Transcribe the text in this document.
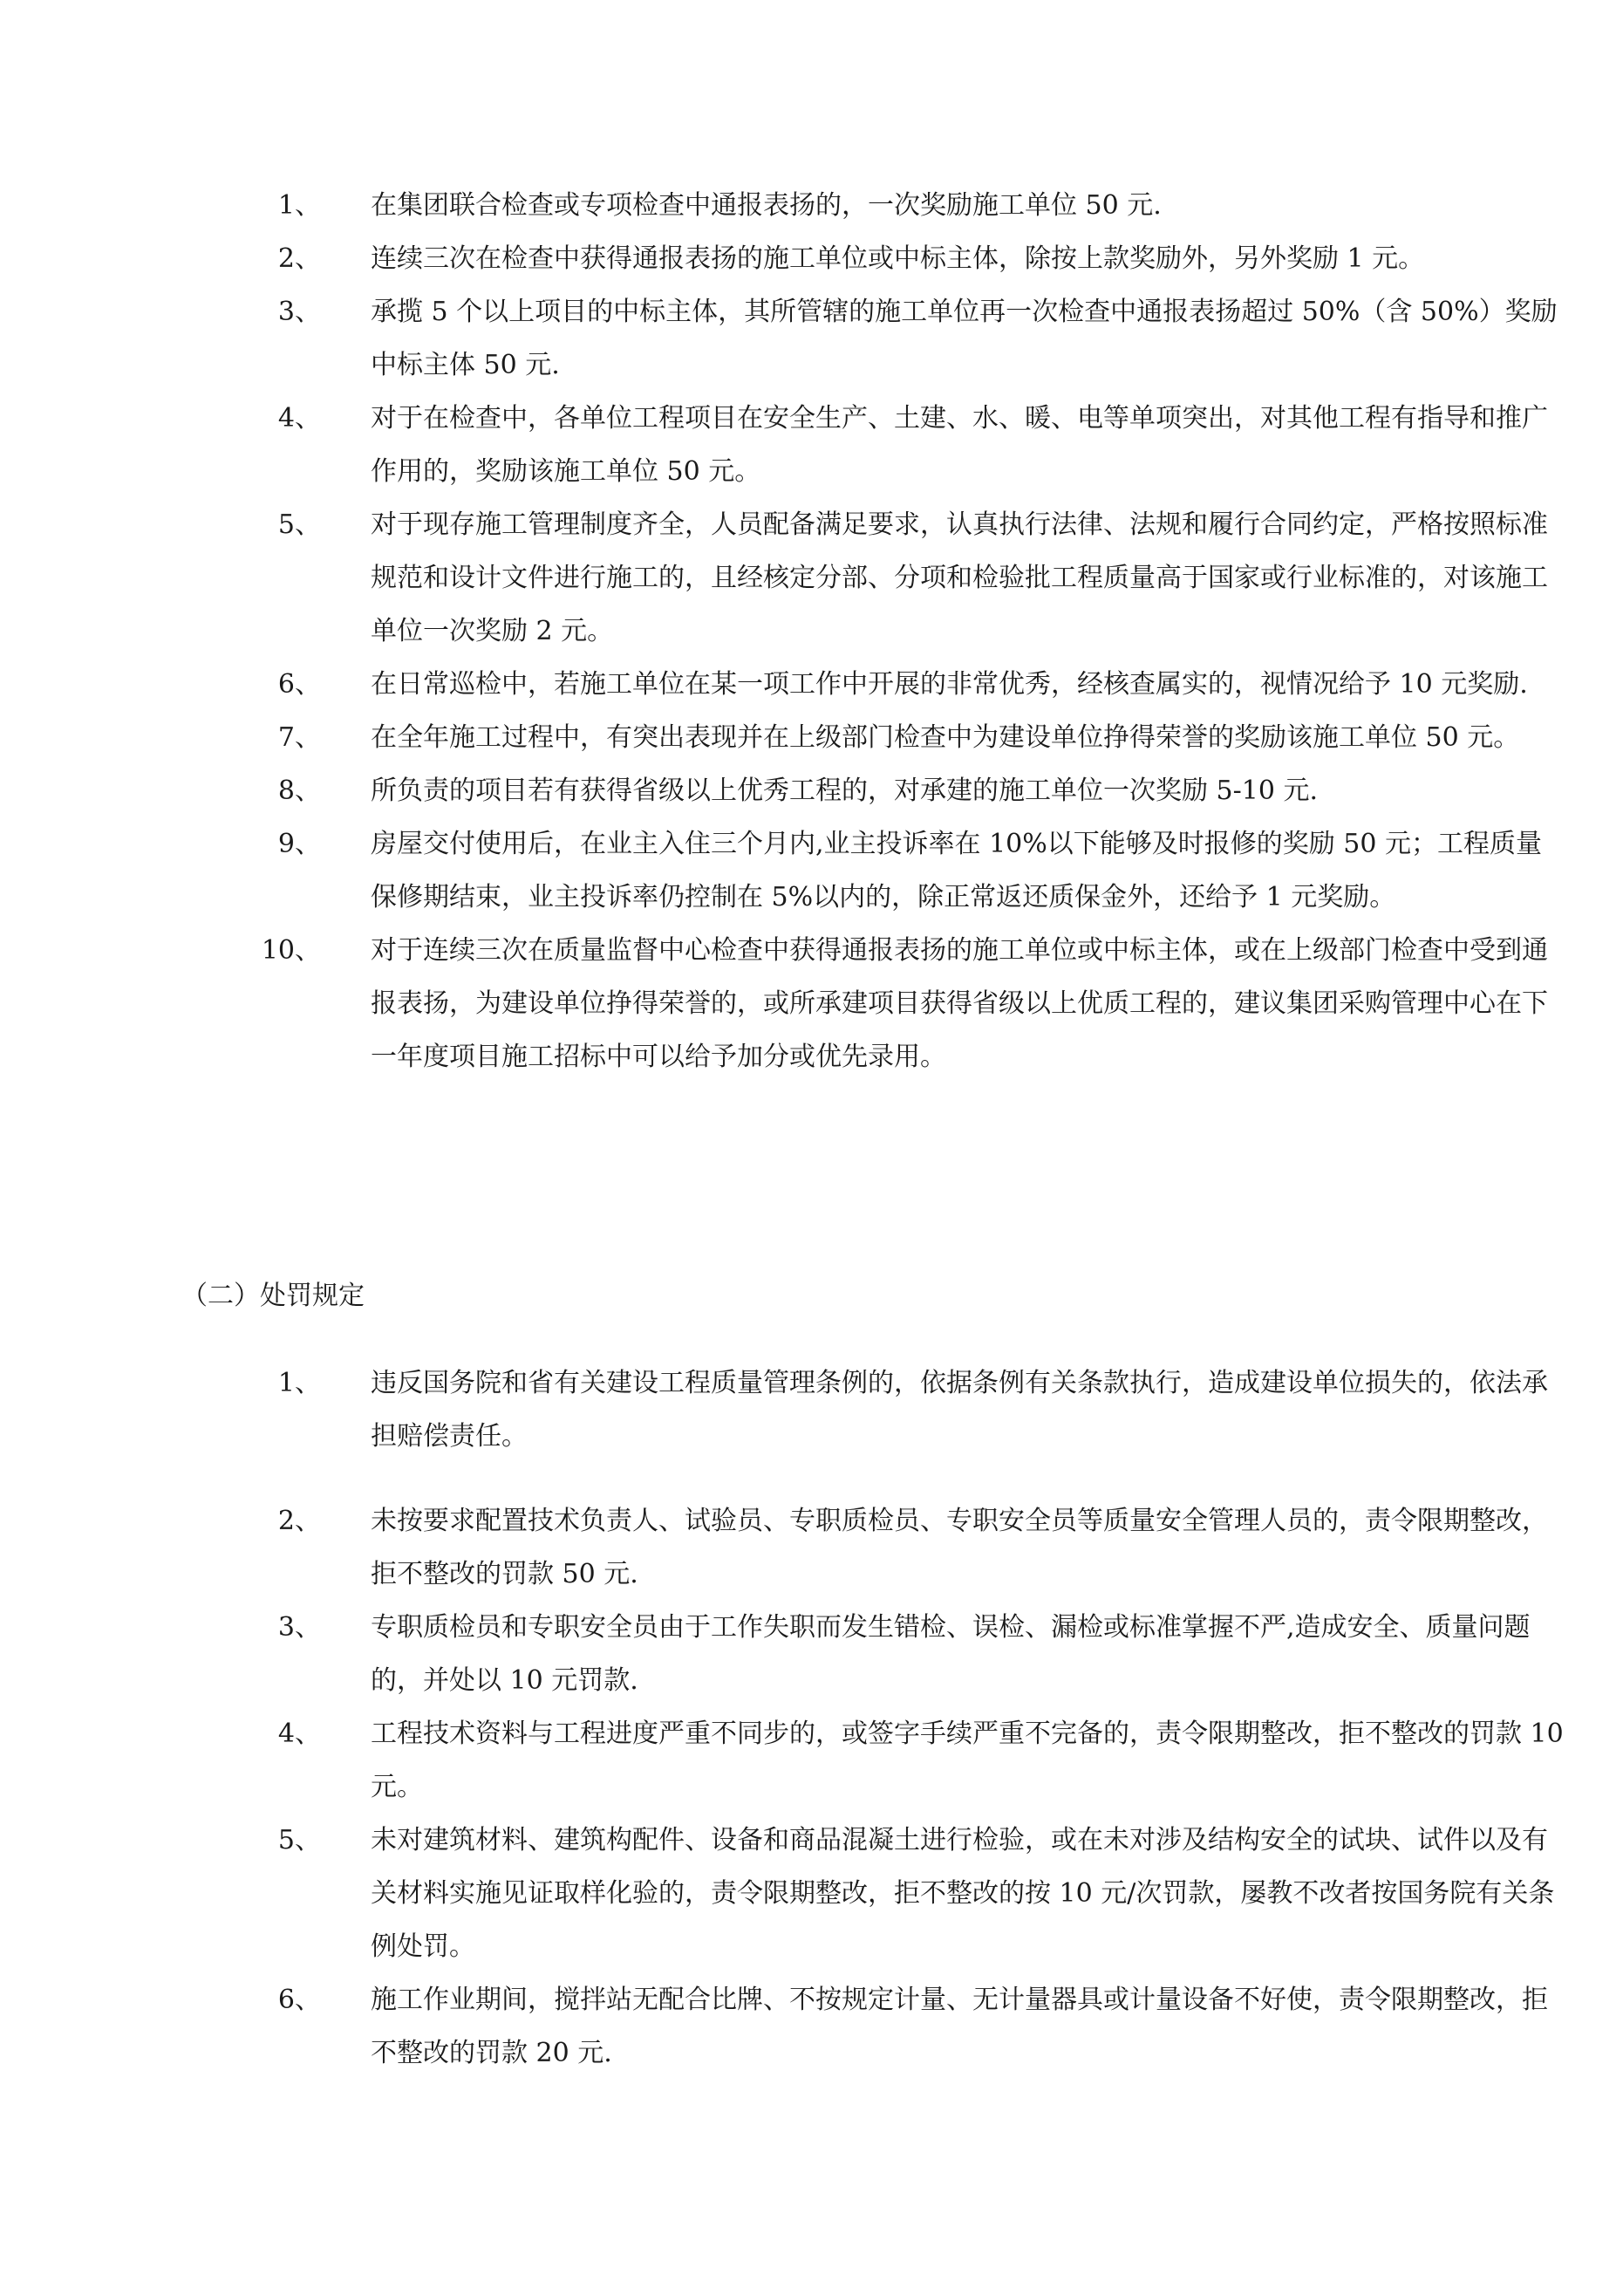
1、 在集团联合检查或专项检查中通报表扬的，一次奖励施工单位 50 元.
2、 连续三次在检查中获得通报表扬的施工单位或中标主体，除按上款奖励外，另外奖励 1 元。
3、 承揽 5 个以上项目的中标主体，其所管辖的施工单位再一次检查中通报表扬超过 50%（含 50%）奖励中标主体 50 元.
4、 对于在检查中，各单位工程项目在安全生产、土建、水、暖、电等单项突出，对其他工程有指导和推广作用的，奖励该施工单位 50 元。
5、 对于现存施工管理制度齐全，人员配备满足要求，认真执行法律、法规和履行合同约定，严格按照标准规范和设计文件进行施工的，且经核定分部、分项和检验批工程质量高于国家或行业标准的，对该施工单位一次奖励 2 元。
6、 在日常巡检中，若施工单位在某一项工作中开展的非常优秀，经核查属实的，视情况给予 10 元奖励.
7、 在全年施工过程中，有突出表现并在上级部门检查中为建设单位挣得荣誉的奖励该施工单位 50 元。
8、 所负责的项目若有获得省级以上优秀工程的，对承建的施工单位一次奖励 5-10 元.
9、 房屋交付使用后，在业主入住三个月内,业主投诉率在 10%以下能够及时报修的奖励 50 元；工程质量保修期结束，业主投诉率仍控制在 5%以内的，除正常返还质保金外，还给予 1 元奖励。
10、 对于连续三次在质量监督中心检查中获得通报表扬的施工单位或中标主体，或在上级部门检查中受到通报表扬，为建设单位挣得荣誉的，或所承建项目获得省级以上优质工程的，建议集团采购管理中心在下一年度项目施工招标中可以给予加分或优先录用。
（二）处罚规定
1、 违反国务院和省有关建设工程质量管理条例的，依据条例有关条款执行，造成建设单位损失的，依法承担赔偿责任。
2、 未按要求配置技术负责人、试验员、专职质检员、专职安全员等质量安全管理人员的，责令限期整改，拒不整改的罚款 50 元.
3、 专职质检员和专职安全员由于工作失职而发生错检、误检、漏检或标准掌握不严,造成安全、质量问题的，并处以 10 元罚款.
4、 工程技术资料与工程进度严重不同步的，或签字手续严重不完备的，责令限期整改，拒不整改的罚款 10 元。
5、 未对建筑材料、建筑构配件、设备和商品混凝土进行检验，或在未对涉及结构安全的试块、试件以及有关材料实施见证取样化验的，责令限期整改，拒不整改的按 10 元/次罚款，屡教不改者按国务院有关条例处罚。
6、 施工作业期间，搅拌站无配合比牌、不按规定计量、无计量器具或计量设备不好使，责令限期整改，拒不整改的罚款 20 元.
